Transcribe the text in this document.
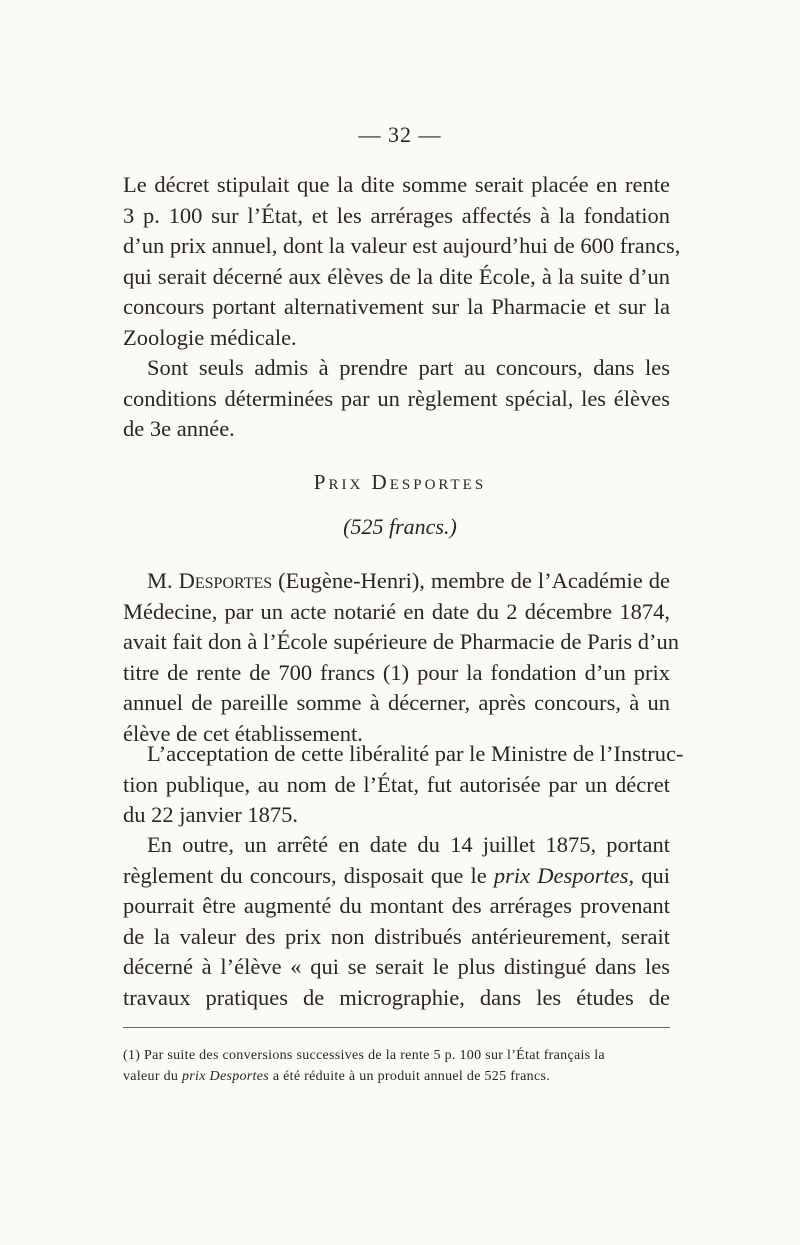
— 32 —
Le décret stipulait que la dite somme serait placée en rente
3 p. 100 sur l’État, et les arrérages affectés à la fondation
d’un prix annuel, dont la valeur est aujourd’hui de 600 francs,
qui serait décerné aux élèves de la dite École, à la suite d’un
concours portant alternativement sur la Pharmacie et sur la
Zoologie médicale.
Sont seuls admis à prendre part au concours, dans les
conditions déterminées par un règlement spécial, les élèves
de 3e année.
Prix Desportes
(525 francs.)
M. Desportes (Eugène-Henri), membre de l’Académie de
Médecine, par un acte notarié en date du 2 décembre 1874,
avait fait don à l’École supérieure de Pharmacie de Paris d’un
titre de rente de 700 francs (1) pour la fondation d’un prix
annuel de pareille somme à décerner, après concours, à un
élève de cet établissement.
L’acceptation de cette libéralité par le Ministre de l’Instruc-
tion publique, au nom de l’État, fut autorisée par un décret
du 22 janvier 1875.
En outre, un arrêté en date du 14 juillet 1875, portant
règlement du concours, disposait que le prix Desportes, qui
pourrait être augmenté du montant des arrérages provenant
de la valeur des prix non distribués antérieurement, serait
décerné à l’élève « qui se serait le plus distingué dans les
travaux pratiques de micrographie, dans les études de
(1) Par suite des conversions successives de la rente 5 p. 100 sur l’État français la
valeur du prix Desportes a été réduite à un produit annuel de 525 francs.
